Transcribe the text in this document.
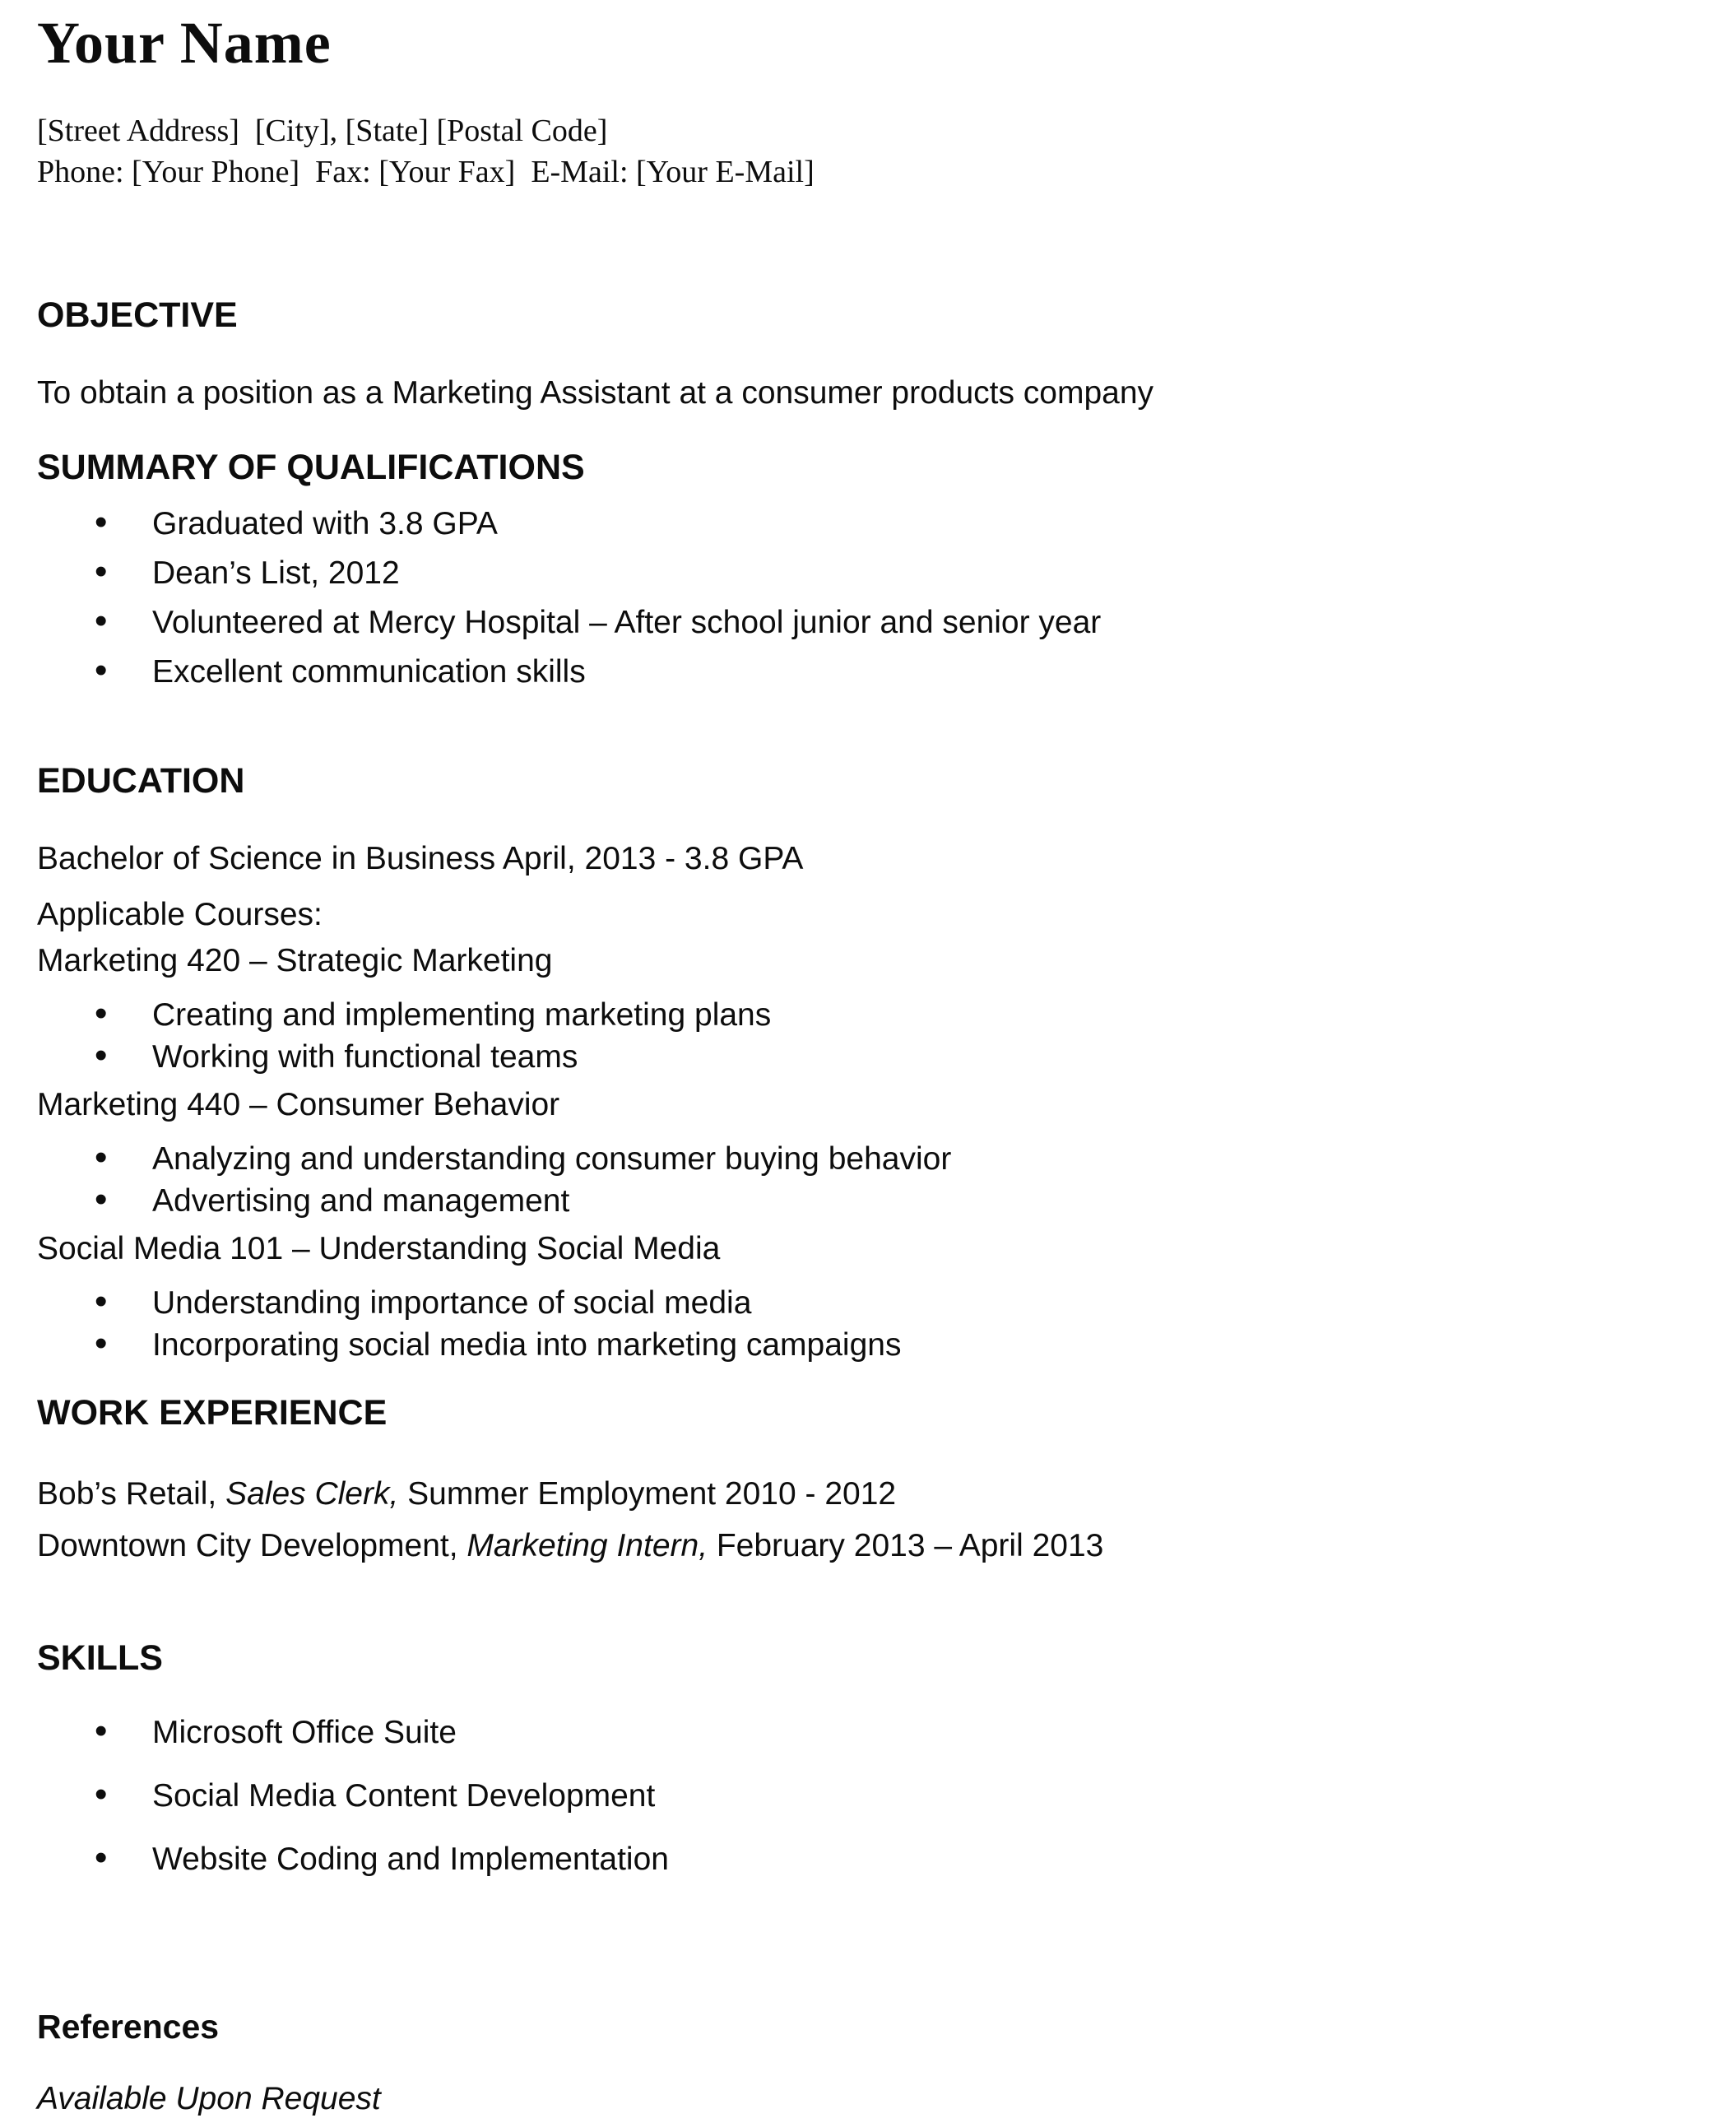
Your Name
[Street Address]  [City], [State] [Postal Code]
Phone: [Your Phone]  Fax: [Your Fax]  E-Mail: [Your E-Mail]
OBJECTIVE

To obtain a position as a Marketing Assistant at a consumer products company

SUMMARY OF QUALIFICATIONS
• Graduated with 3.8 GPA
• Dean’s List, 2012
• Volunteered at Mercy Hospital – After school junior and senior year
• Excellent communication skills
EDUCATION

Bachelor of Science in Business April, 2013 - 3.8 GPA

Applicable Courses:

Marketing 420 – Strategic Marketing

• Creating and implementing marketing plans
• Working with functional teams

Marketing 440 – Consumer Behavior

• Analyzing and understanding consumer buying behavior
• Advertising and management

Social Media 101 – Understanding Social Media

• Understanding importance of social media
• Incorporating social media into marketing campaigns
WORK EXPERIENCE

Bob’s Retail, Sales Clerk, Summer Employment 2010 - 2012

Downtown City Development, Marketing Intern, February 2013 – April 2013

SKILLS
• Microsoft Office Suite
• Social Media Content Development
• Website Coding and Implementation
References

Available Upon Request
